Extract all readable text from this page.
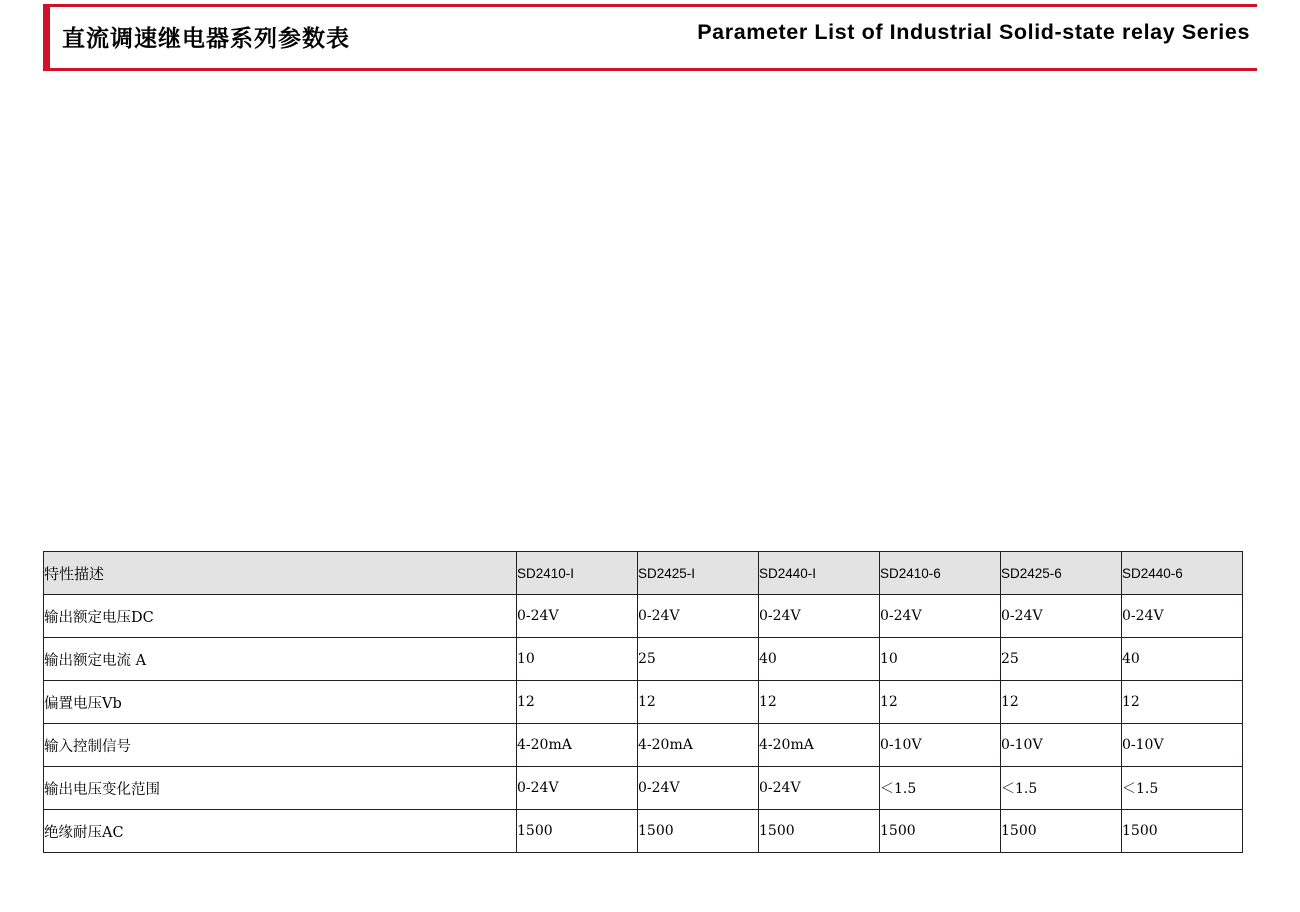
直流调速继电器系列参数表	Parameter List of Industrial Solid-state relay Series
特性描述	SD2410-I	SD2425-I	SD2440-I	SD2410-6	SD2425-6	SD2440-6
输出额定电压DC	0-24V	0-24V	0-24V	0-24V	0-24V	0-24V
输出额定电流 A	10	25	40	10	25	40
偏置电压Vb	12	12	12	12	12	12
输入控制信号	4-20mA	4-20mA	4-20mA	0-10V	0-10V	0-10V
输出电压变化范围	0-24V	0-24V	0-24V	＜1.5	＜1.5	＜1.5
绝缘耐压AC	1500	1500	1500	1500	1500	1500
